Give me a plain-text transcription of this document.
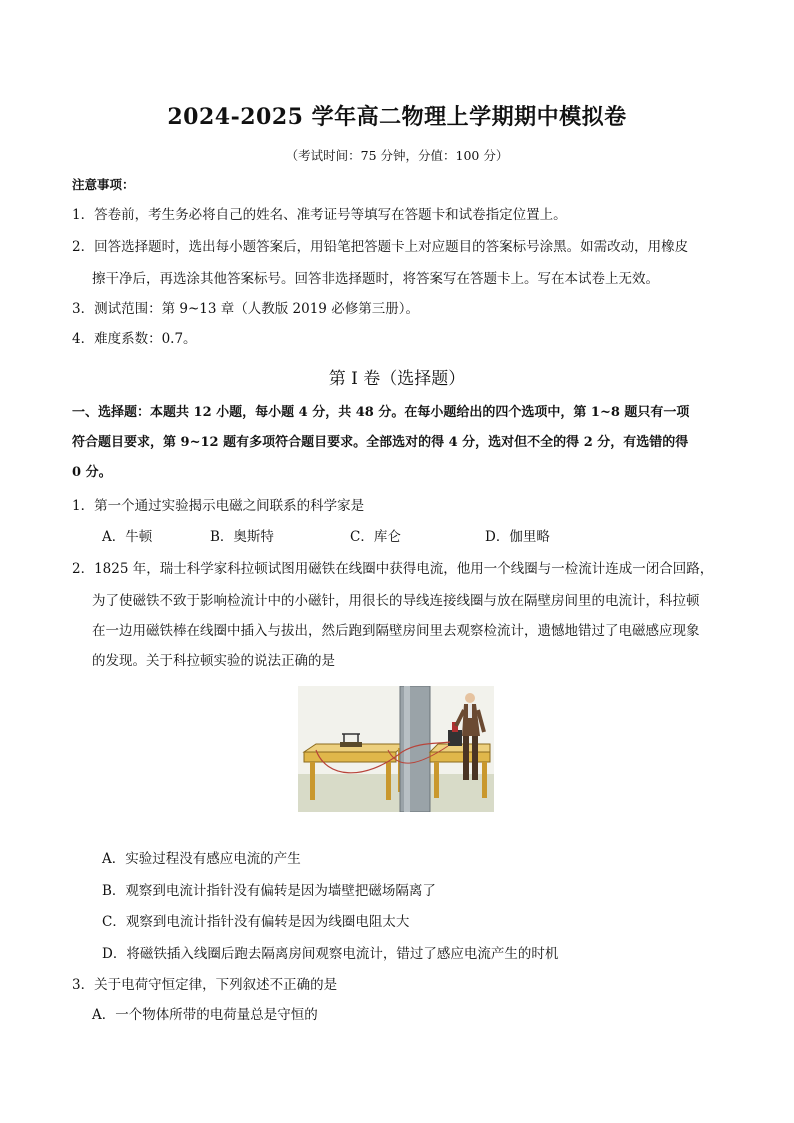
2024-2025 学年高二物理上学期期中模拟卷
（考试时间：75 分钟，分值：100 分）
注意事项：
1．答卷前，考生务必将自己的姓名、准考证号等填写在答题卡和试卷指定位置上。
2．回答选择题时，选出每小题答案后，用铅笔把答题卡上对应题目的答案标号涂黑。如需改动，用橡皮
擦干净后，再选涂其他答案标号。回答非选择题时，将答案写在答题卡上。写在本试卷上无效。
3．测试范围：第 9~13 章（人教版 2019 必修第三册）。
4．难度系数：0.7。
第 I 卷（选择题）
一、选择题：本题共 12 小题，每小题 4 分，共 48 分。在每小题给出的四个选项中，第 1~8 题只有一项
符合题目要求，第 9~12 题有多项符合题目要求。全部选对的得 4 分，选对但不全的得 2 分，有选错的得
0 分。
1．第一个通过实验揭示电磁之间联系的科学家是
A．牛顿	B．奥斯特	C．库仑	D．伽里略
2．1825 年，瑞士科学家科拉顿试图用磁铁在线圈中获得电流，他用一个线圈与一检流计连成一闭合回路，
为了使磁铁不致于影响检流计中的小磁针，用很长的导线连接线圈与放在隔壁房间里的电流计，科拉顿
在一边用磁铁棒在线圈中插入与拔出，然后跑到隔壁房间里去观察检流计，遗憾地错过了电磁感应现象
的发现。关于科拉顿实验的说法正确的是
A．实验过程没有感应电流的产生
B．观察到电流计指针没有偏转是因为墙壁把磁场隔离了
C．观察到电流计指针没有偏转是因为线圈电阻太大
D．将磁铁插入线圈后跑去隔离房间观察电流计，错过了感应电流产生的时机
3．关于电荷守恒定律，下列叙述不正确的是
A．一个物体所带的电荷量总是守恒的
